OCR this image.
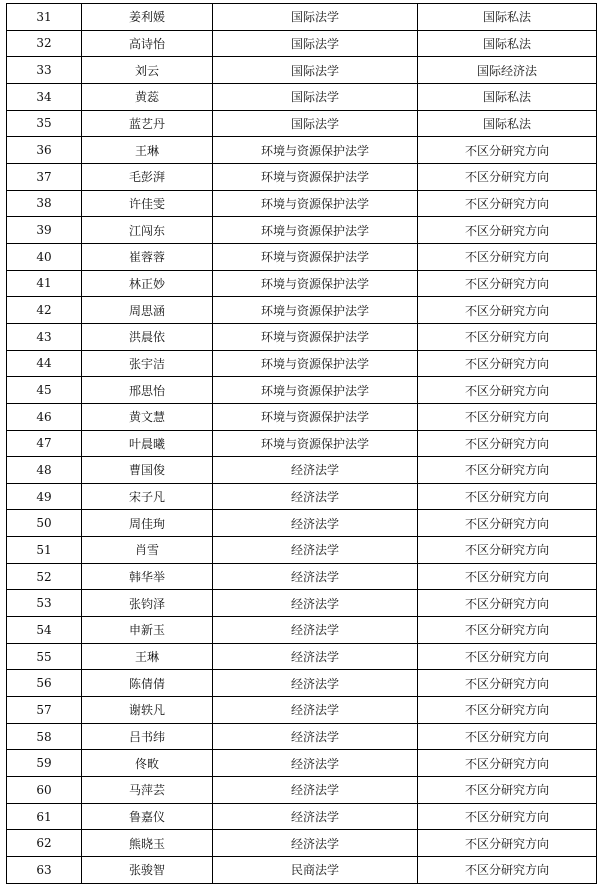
31	姜利媛	国际法学	国际私法
32	高诗怡	国际法学	国际私法
33	刘云	国际法学	国际经济法
34	黄蕊	国际法学	国际私法
35	蓝艺丹	国际法学	国际私法
36	王琳	环境与资源保护法学	不区分研究方向
37	毛彭湃	环境与资源保护法学	不区分研究方向
38	许佳雯	环境与资源保护法学	不区分研究方向
39	江闯东	环境与资源保护法学	不区分研究方向
40	崔蓉蓉	环境与资源保护法学	不区分研究方向
41	林正妙	环境与资源保护法学	不区分研究方向
42	周思涵	环境与资源保护法学	不区分研究方向
43	洪晨依	环境与资源保护法学	不区分研究方向
44	张宇洁	环境与资源保护法学	不区分研究方向
45	邢思怡	环境与资源保护法学	不区分研究方向
46	黄文慧	环境与资源保护法学	不区分研究方向
47	叶晨曦	环境与资源保护法学	不区分研究方向
48	曹国俊	经济法学	不区分研究方向
49	宋子凡	经济法学	不区分研究方向
50	周佳珣	经济法学	不区分研究方向
51	肖雪	经济法学	不区分研究方向
52	韩华举	经济法学	不区分研究方向
53	张钧泽	经济法学	不区分研究方向
54	申新玉	经济法学	不区分研究方向
55	王琳	经济法学	不区分研究方向
56	陈倩倩	经济法学	不区分研究方向
57	谢轶凡	经济法学	不区分研究方向
58	吕书纬	经济法学	不区分研究方向
59	佟畋	经济法学	不区分研究方向
60	马萍芸	经济法学	不区分研究方向
61	鲁嘉仪	经济法学	不区分研究方向
62	熊晓玉	经济法学	不区分研究方向
63	张骏智	民商法学	不区分研究方向
